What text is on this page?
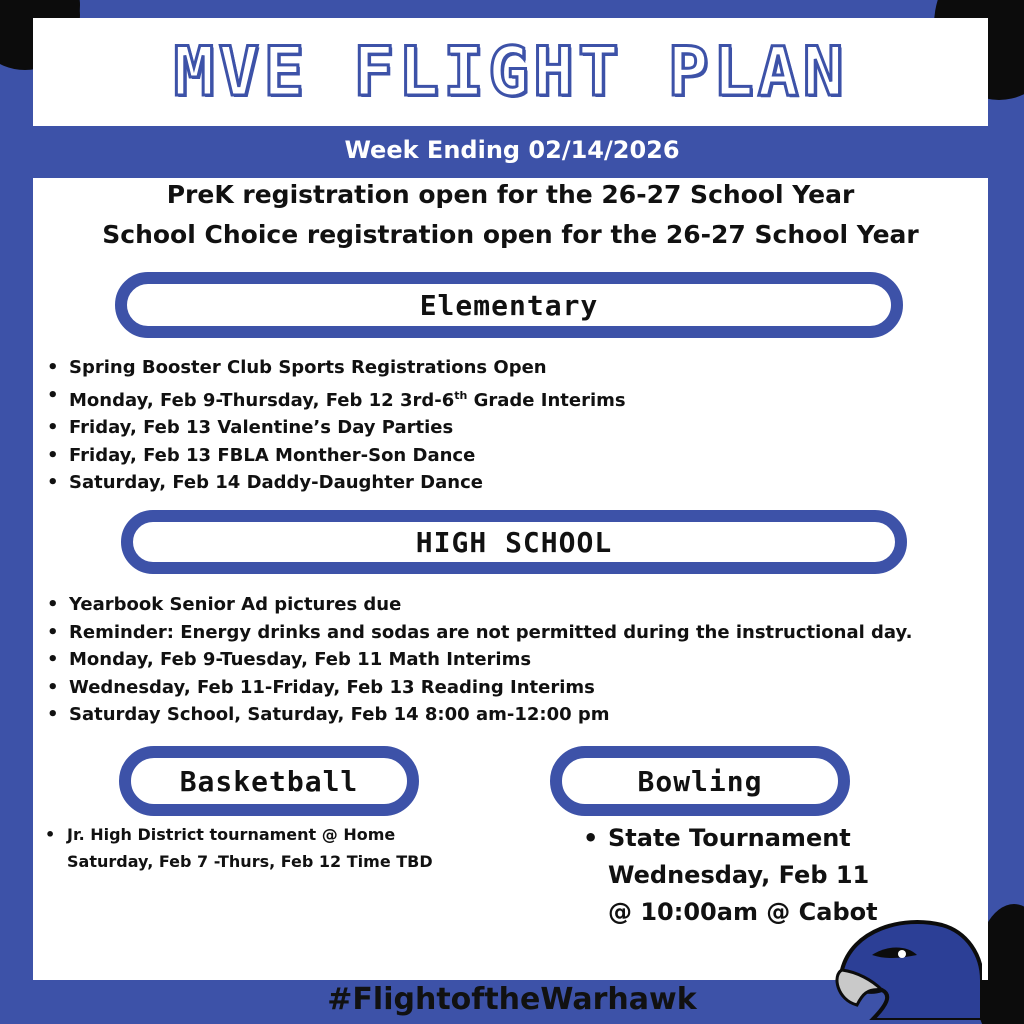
MVE FLIGHT PLAN
Week Ending 02/14/2026
PreK registration open for the 26-27 School Year
School Choice registration open for the 26-27 School Year
Elementary
• Spring Booster Club Sports Registrations Open
• Monday, Feb 9-Thursday, Feb 12 3rd-6th Grade Interims
• Friday, Feb 13 Valentine’s Day Parties
• Friday, Feb 13 FBLA Monther-Son Dance
• Saturday, Feb 14 Daddy-Daughter Dance
HIGH SCHOOL
• Yearbook Senior Ad pictures due
• Reminder: Energy drinks and sodas are not permitted during the instructional day.
• Monday, Feb 9-Tuesday, Feb 11 Math Interims
• Wednesday, Feb 11-Friday, Feb 13 Reading Interims
• Saturday School, Saturday, Feb 14 8:00 am-12:00 pm
Basketball
• Jr. High District tournament @ Home Saturday, Feb 7 -Thurs, Feb 12 Time TBD
Bowling
• State Tournament Wednesday, Feb 11 @ 10:00am @ Cabot
#FlightoftheWarhawk
